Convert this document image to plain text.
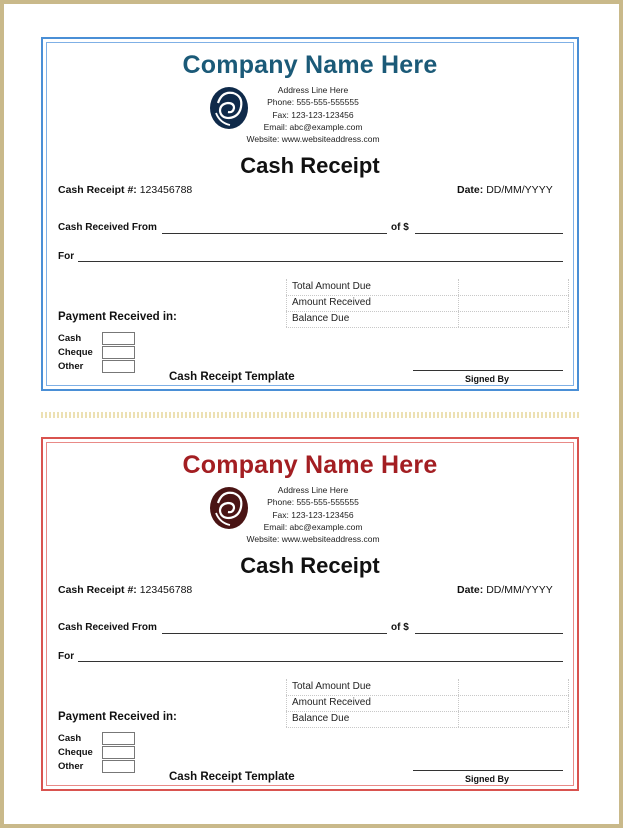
Company Name Here
Address Line Here
Phone: 555-555-555555
Fax: 123-123-123456
Email: abc@example.com
Website: www.websiteaddress.com
Cash Receipt
Cash Receipt #: 123456788	Date: DD/MM/YYYY
Cash Received From	of $
For
Total Amount Due
Amount Received
Balance Due
Payment Received in:
Cash
Cheque
Other
Cash Receipt Template	Signed By
Company Name Here
Address Line Here
Phone: 555-555-555555
Fax: 123-123-123456
Email: abc@example.com
Website: www.websiteaddress.com
Cash Receipt
Cash Receipt #: 123456788	Date: DD/MM/YYYY
Cash Received From	of $
For
Total Amount Due
Amount Received
Balance Due
Payment Received in:
Cash
Cheque
Other
Cash Receipt Template	Signed By
